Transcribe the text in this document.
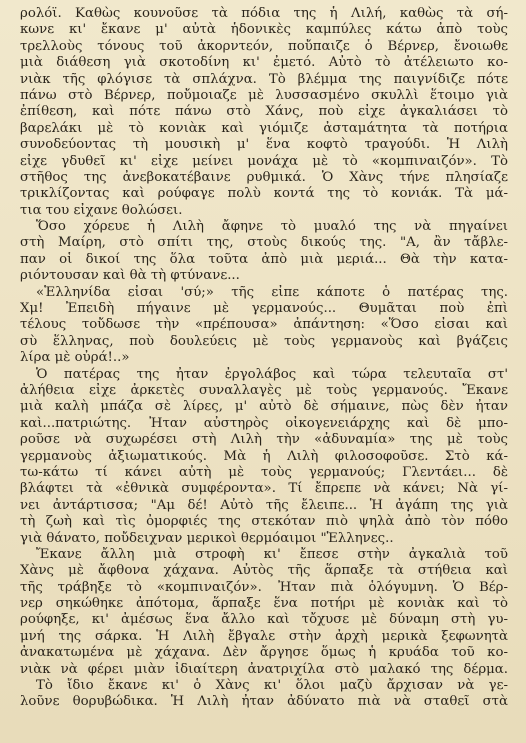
ρολόϊ. Καθὼς κουνοῦσε τὰ πόδια της ἡ Λιλή, καθὼς τὰ σή-
κωνε κι' ἔκανε μ' αὐτὰ ἡδονικὲς καμπύλες κάτω ἀπὸ τοὺς
τρελλοὺς τόνους τοῦ ἀκορντεόν, ποὔπαιζε ὁ Βέρνερ, ἔνοιωθε
μιὰ διάθεση γιὰ σκοτοδίνη κι' ἐμετό. Αὐτὸ τὸ ἀτέλειωτο κο-
νιὰκ τῆς φλόγισε τὰ σπλάχνα. Τὸ βλέμμα της παιγνίδιζε πότε
πάνω στὸ Βέρνερ, ποὔμοιαζε μὲ λυσσασμένο σκυλλὶ ἕτοιμο γιὰ
ἐπίθεση, καὶ πότε πάνω στὸ Χάνς, ποὺ εἶχε ἀγκαλιάσει τὸ
βαρελάκι μὲ τὸ κονιὰκ καὶ γιόμιζε ἀσταμάτητα τὰ ποτήρια
συνοδεύοντας τὴ μουσικὴ μ' ἕνα κοφτὸ τραγούδι. Ἡ Λιλὴ
εἶχε γδυθεῖ κι' εἶχε μείνει μονάχα μὲ τὸ «κομπιναιζόν». Τὸ
στῆθος της ἀνεβοκατέβαινε ρυθμικά. Ὁ Χὰνς τήνε πλησίαζε
τρικλίζοντας καὶ ρούφαγε πολὺ κοντά της τὸ κονιάκ. Τὰ μά-
τια του εἶχανε θολώσει.
Ὅσο χόρευε ἡ Λιλὴ ἄφηνε τὸ μυαλό της νὰ πηγαίνει
στὴ Μαίρη, στὸ σπίτι της, στοὺς δικούς της. "Α, ἂν τἄβλε-
παν οἱ δικοί της ὅλα τοῦτα ἀπὸ μιὰ μεριά... Θὰ τὴν κατα-
ριόντουσαν καὶ θὰ τὴ φτύνανε...
«Ἑλληνίδα εἶσαι 'σύ;» τῆς εἶπε κάποτε ὁ πατέρας της.
Χμ! Ἐπειδὴ πήγαινε μὲ γερμανούς... Θυμᾶται ποὺ ἐπὶ
τέλους τοὔδωσε τὴν «πρέπουσα» ἀπάντηση: «Ὅσο εἶσαι καὶ
σὺ ἕλληνας, ποὺ δουλεύεις μὲ τοὺς γερμανοὺς καὶ βγάζεις
λίρα μὲ οὐρά!..»
Ὁ πατέρας της ἦταν ἐργολάβος καὶ τώρα τελευταῖα στ'
ἀλήθεια εἶχε ἀρκετὲς συναλλαγὲς μὲ τοὺς γερμανούς. Ἔκανε
μιὰ καλὴ μπάζα σὲ λίρες, μ' αὐτὸ δὲ σήμαινε, πὼς δὲν ἦταν
καὶ...πατριώτης. Ἦταν αὐστηρὸς οἰκογενειάρχης καὶ δὲ μπο-
ροῦσε νὰ συχωρέσει στὴ Λιλὴ τὴν «ἀδυναμία» της μὲ τοὺς
γερμανοὺς ἀξιωματικούς. Μὰ ἡ Λιλὴ φιλοσοφοῦσε. Στὸ κά-
τω-κάτω τί κάνει αὐτὴ μὲ τοὺς γερμανούς; Γλεντάει... δὲ
βλάφτει τὰ «ἐθνικὰ συμφέροντα». Τί ἔπρεπε νὰ κάνει; Νὰ γί-
νει ἀντάρτισσα; "Αμ δέ! Αὐτὸ τῆς ἔλειπε... Ἡ ἀγάπη της γιὰ
τὴ ζωὴ καὶ τὶς ὀμορφιές της στεκόταν πιὸ ψηλὰ ἀπὸ τὸν πόθο
γιὰ θάνατο, ποὔδειχναν μερικοὶ θερμόαιμοι "Ἑλληνες..
Ἔκανε ἄλλη μιὰ στροφὴ κι' ἔπεσε στὴν ἀγκαλιὰ τοῦ
Χὰνς μὲ ἄφθονα χάχανα. Αὐτὸς τῆς ἅρπαξε τὰ στήθεια καὶ
τῆς τράβηξε τὸ «κομπιναιζόν». Ἦταν πιὰ ὁλόγυμνη. Ὁ Βέρ-
νερ σηκώθηκε ἀπότομα, ἅρπαξε ἕνα ποτήρι μὲ κονιὰκ καὶ τὸ
ρούφηξε, κι' ἀμέσως ἕνα ἄλλο καὶ τὄχυσε μὲ δύναμη στὴ γυ-
μνή της σάρκα. Ἡ Λιλὴ ἔβγαλε στὴν ἀρχὴ μερικὰ ξεφωνητὰ
ἀνακατωμένα μὲ χάχανα. Δὲν ἄργησε ὅμως ἡ κρυάδα τοῦ κο-
νιὰκ νὰ φέρει μιὰν ἰδιαίτερη ἀνατριχίλα στὸ μαλακό της δέρμα.
Τὸ ἴδιο ἔκανε κι' ὁ Χὰνς κι' ὅλοι μαζὺ ἄρχισαν νὰ γε-
λοῦνε θορυβώδικα. Ἡ Λιλὴ ἦταν ἀδύνατο πιὰ νὰ σταθεῖ στὰ
